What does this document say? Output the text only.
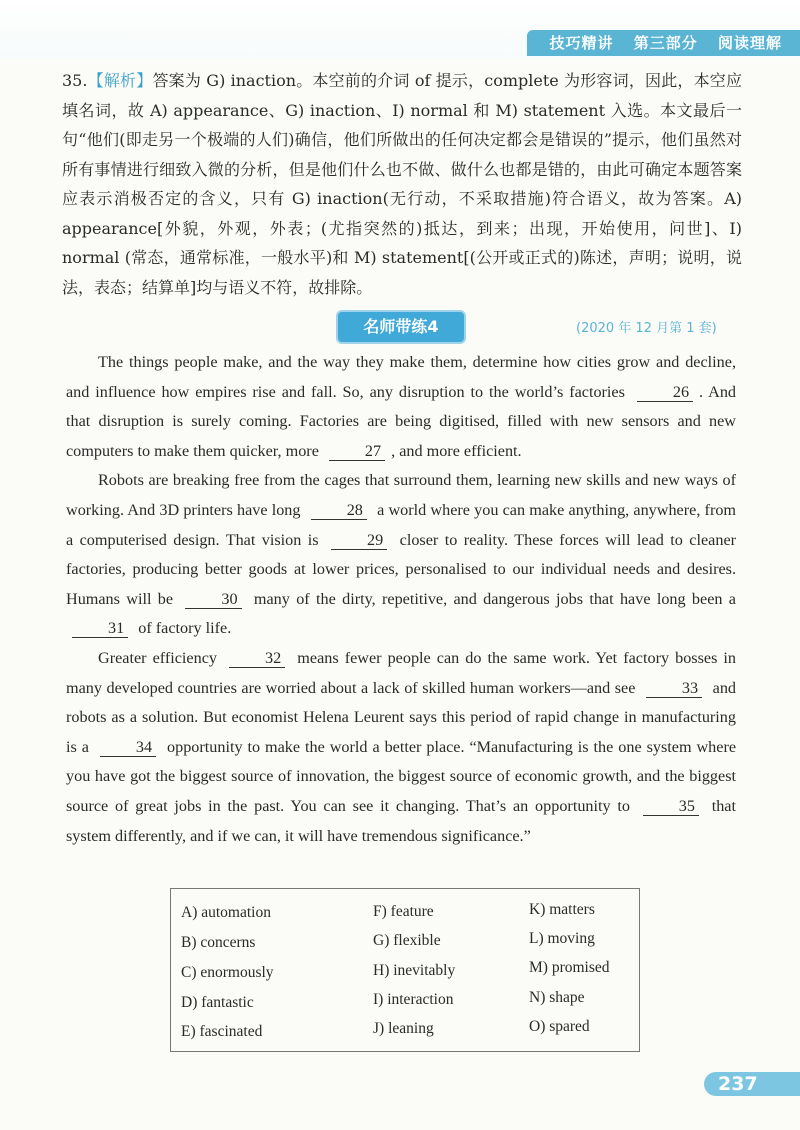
技巧精讲 第三部分 阅读理解
35.【解析】答案为 G) inaction。本空前的介词 of 提示，complete 为形容词，因此，本空应填名词，故 A) appearance、G) inaction、I) normal 和 M) statement 入选。本文最后一句“他们(即走另一个极端的人们)确信，他们所做出的任何决定都会是错误的”提示，他们虽然对所有事情进行细致入微的分析，但是他们什么也不做、做什么也都是错的，由此可确定本题答案应表示消极否定的含义，只有 G) inaction(无行动，不采取措施)符合语义，故为答案。A) appearance[外貌，外观，外表；(尤指突然的)抵达，到来；出现，开始使用，问世]、I) normal (常态，通常标准，一般水平)和 M) statement[(公开或正式的)陈述，声明；说明，说法，表态；结算单]均与语义不符，故排除。
名师带练4	(2020 年 12 月第 1 套)

The things people make, and the way they make them, determine how cities grow and decline, and influence how empires rise and fall. So, any disruption to the world’s factories	26 . And that disruption is surely coming. Factories are being digitised, filled with new sensors and new computers to make them quicker, more	27 , and more efficient.

Robots are breaking free from the cages that surround them, learning new skills and new ways of working. And 3D printers have long	28 a world where you can make anything, anywhere, from a computerised design. That vision is	29 closer to reality. These forces will lead to cleaner factories, producing better goods at lower prices, personalised to our individual needs and desires. Humans will be	30 many of the dirty, repetitive, and dangerous jobs that have long been a 31 of factory life.

Greater efficiency	32 means fewer people can do the same work. Yet factory bosses in many developed countries are worried about a lack of skilled human workers—and see	33 and robots as a solution. But economist Helena Leurent says this period of rapid change in manufacturing is a	34 opportunity to make the world a better place. “Manufacturing is the one system where you have got the biggest source of innovation, the biggest source of economic growth, and the biggest source of great jobs in the past. You can see it changing. That’s an opportunity to	35 that system differently, and if we can, it will have tremendous significance.”

A) automation
B) concerns
C) enormously
D) fantastic
E) fascinated
F) feature
G) flexible
H) inevitably
I) interaction
J) leaning
K) matters
L) moving
M) promised
N) shape
O) spared
237
